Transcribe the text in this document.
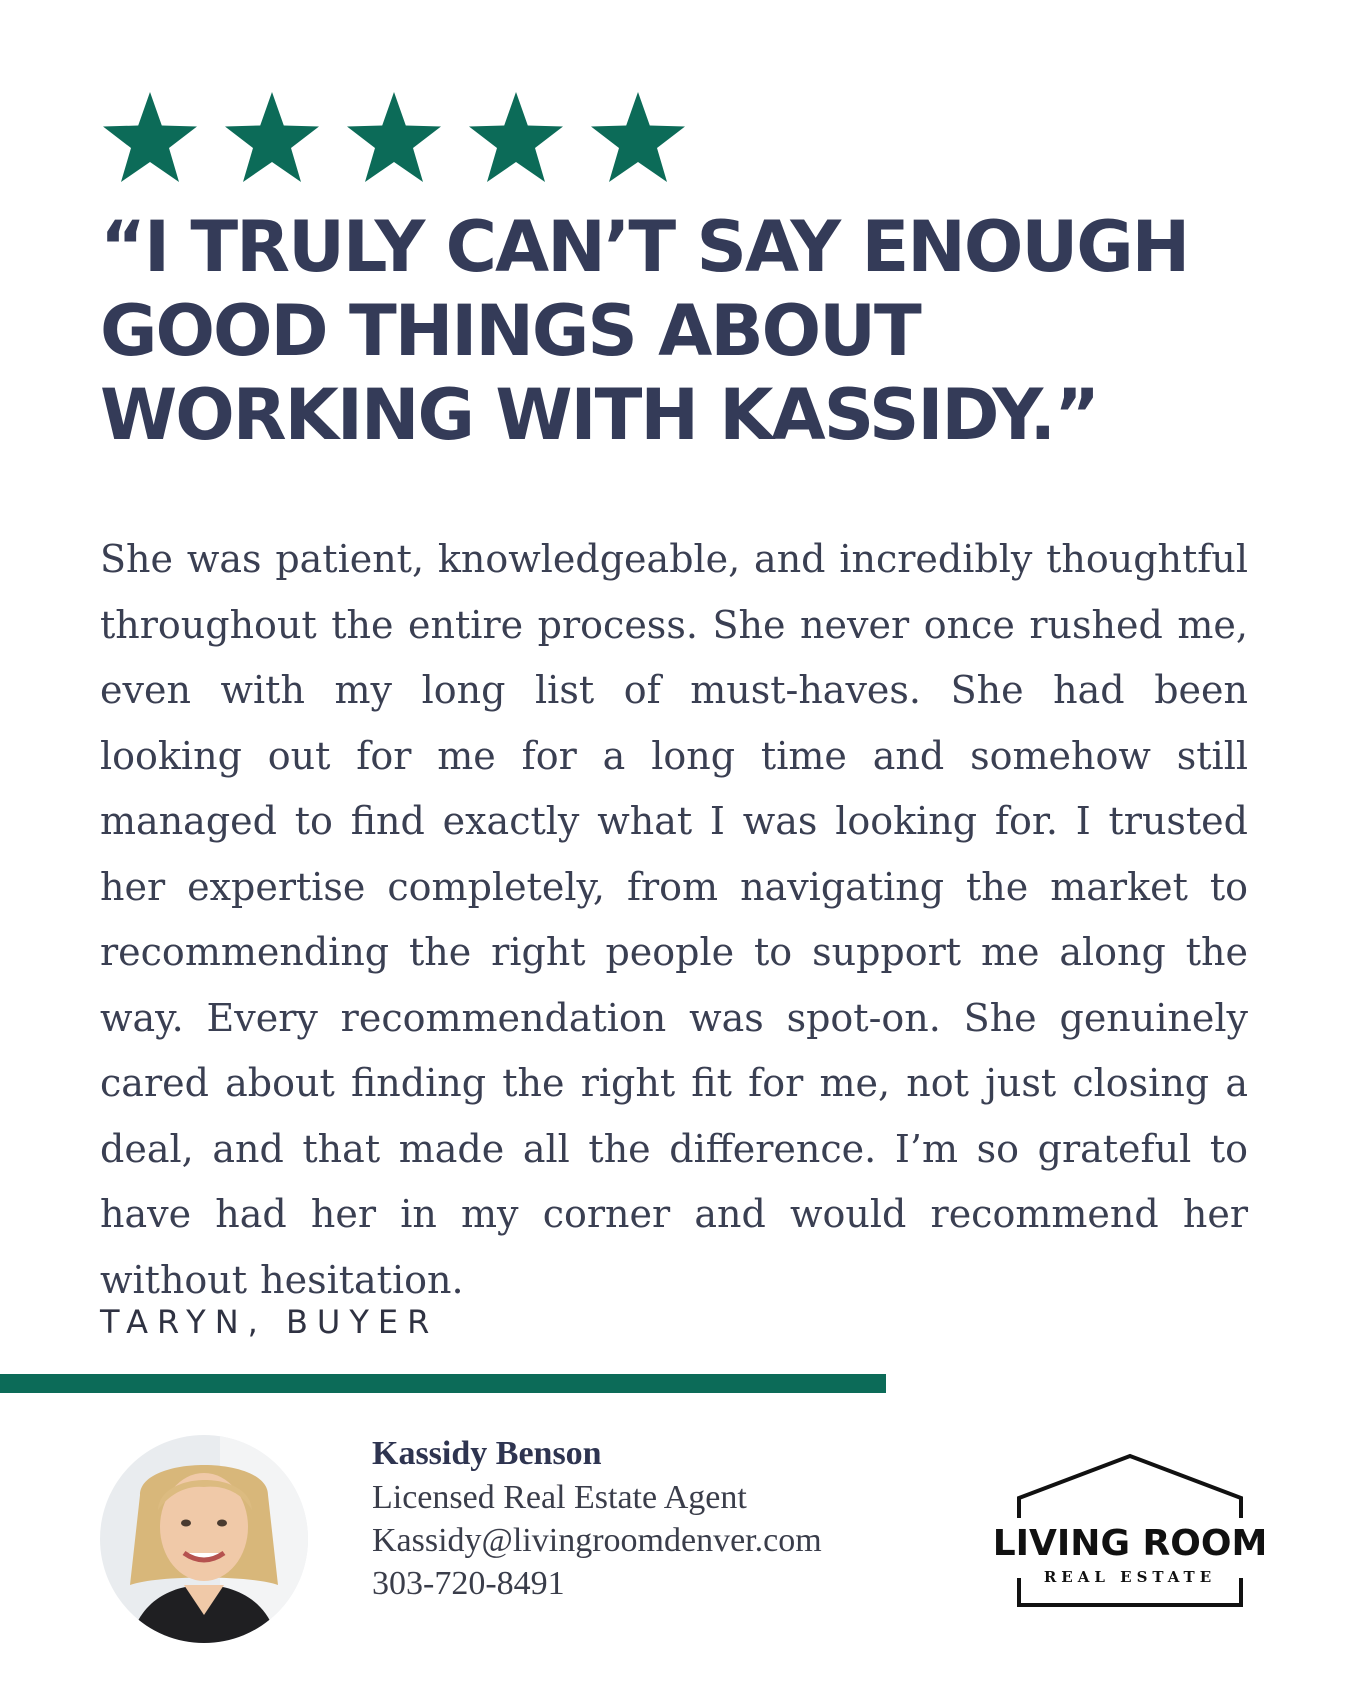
“I TRULY CAN’T SAY ENOUGH GOOD THINGS ABOUT WORKING WITH KASSIDY.”

She was patient, knowledgeable, and incredibly thoughtful throughout the entire process. She never once rushed me, even with my long list of must-haves. She had been looking out for me for a long time and somehow still managed to find exactly what I was looking for. I trusted her expertise completely, from navigating the market to recommending the right people to support me along the way. Every recommendation was spot-on. She genuinely cared about finding the right fit for me, not just closing a deal, and that made all the difference. I’m so grateful to have had her in my corner and would recommend her without hesitation.

TARYN, BUYER

Kassidy Benson
Licensed Real Estate Agent
Kassidy@livingroomdenver.com
303-720-8491
LIVING ROOM
REAL ESTATE
